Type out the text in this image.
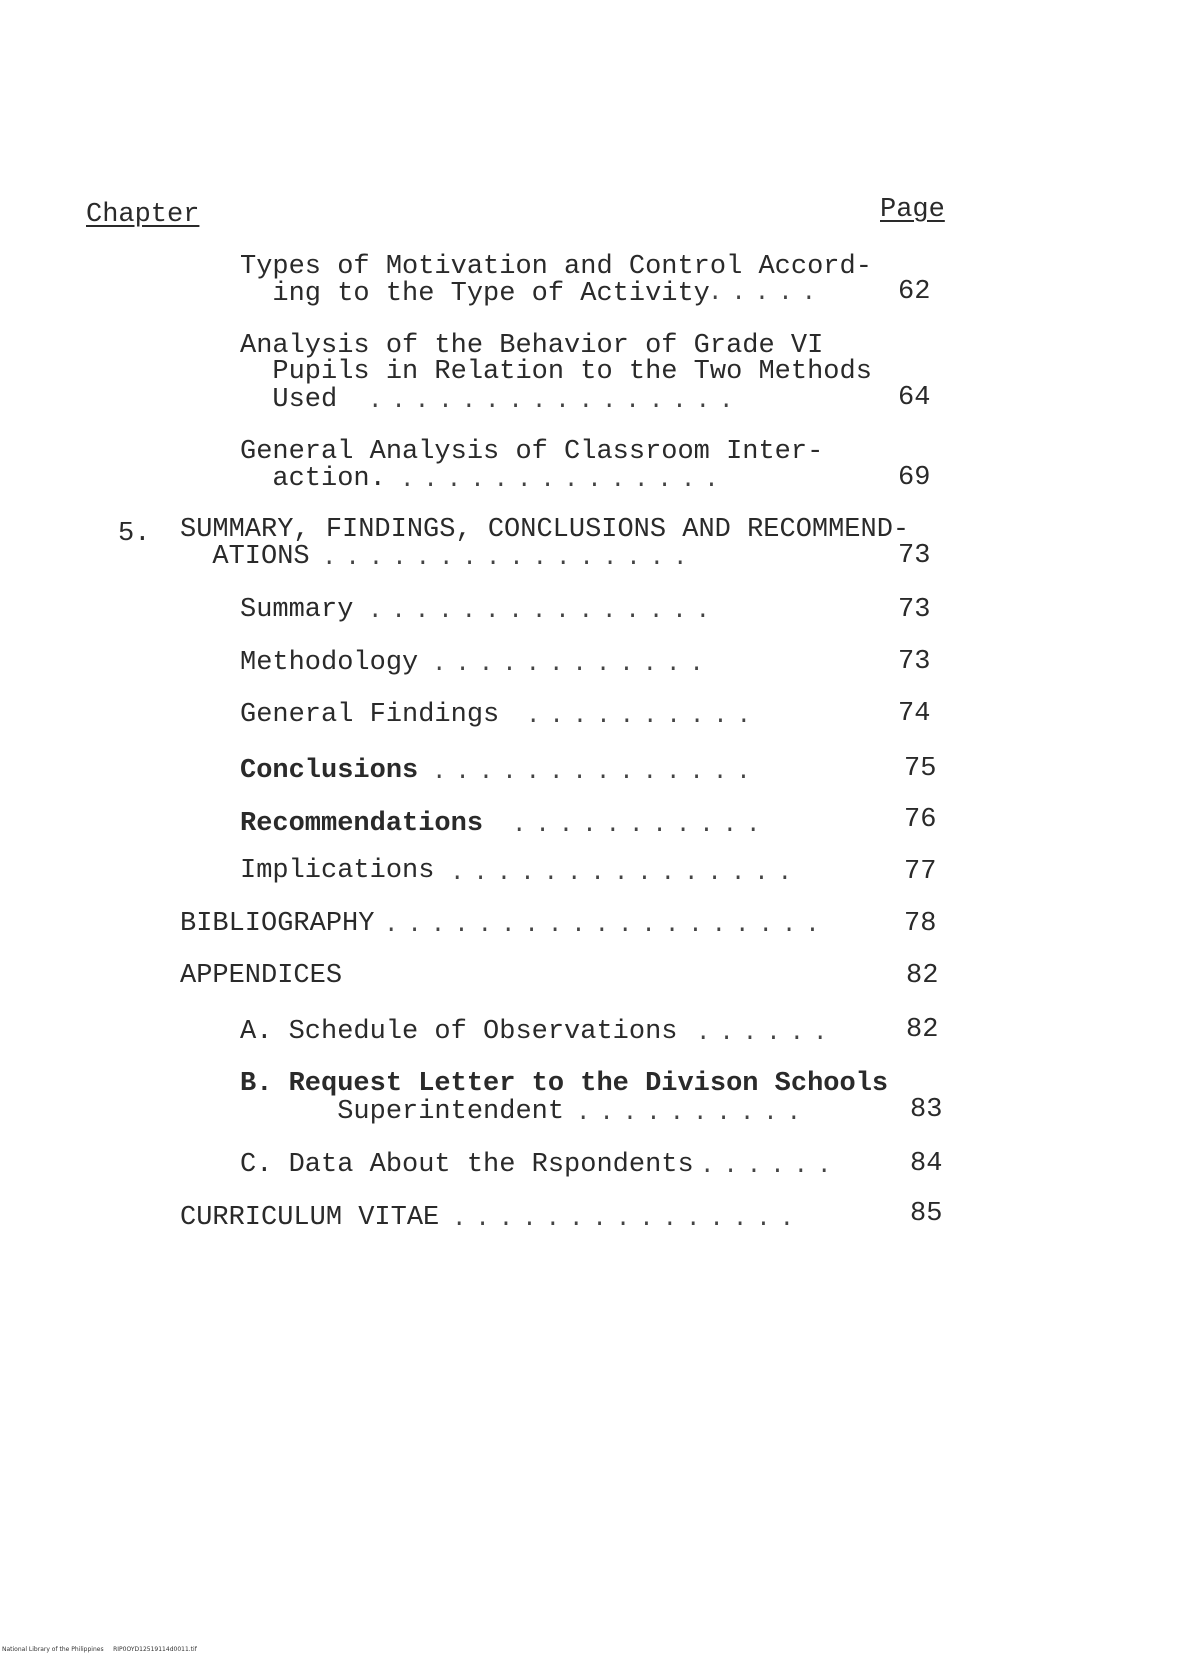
Chapter	Page
Types of Motivation and Control Accord-
ing to the Type of Activity
.....	62
Analysis of the Behavior of Grade VI
Pupils in Relation to the Two Methods
Used ................	64
General Analysis of Classroom Inter-
action. ..............	69
5. SUMMARY, FINDINGS, CONCLUSIONS AND RECOMMEND-
ATIONS ................	73
Summary ...............	73
Methodology ............	73
General Findings ..........	74
Conclusions ..............	75
Recommendations ...........	76
Implications ...............	77
BIBLIOGRAPHY ...................	78
APPENDICES	82
A. Schedule of Observations ......	82
B. Request Letter to the Divison Schools
Superintendent ..........	83
C. Data About the Rspondents ......	84
CURRICULUM VITAE ...............	85
National Library of the Philippines     RIP0OYD12519114d0011.tif
